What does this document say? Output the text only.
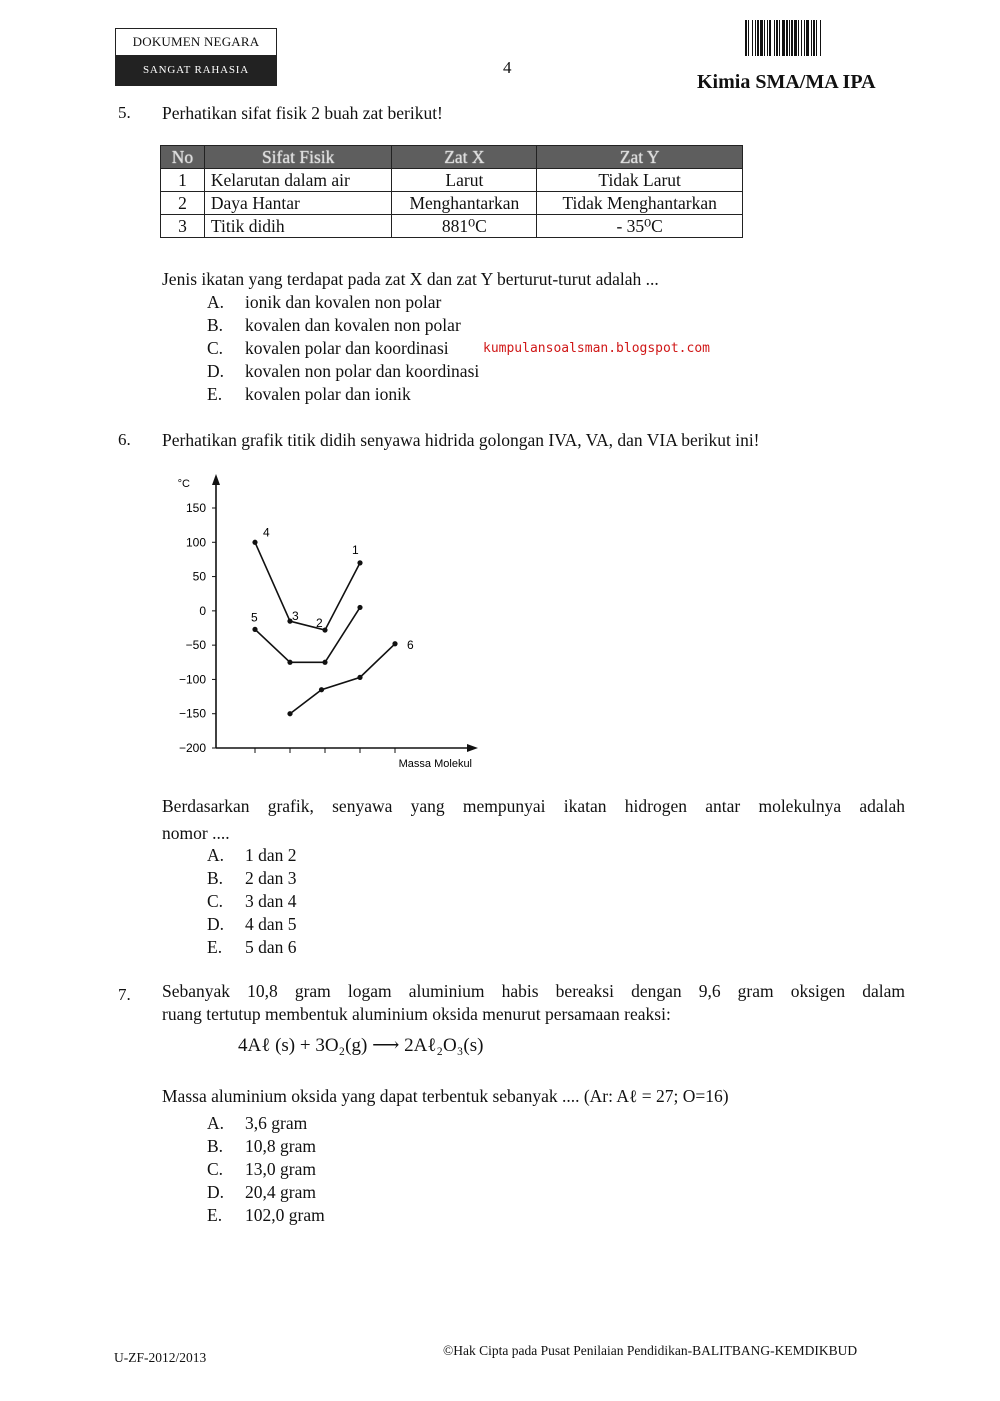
DOKUMEN NEGARA
SANGAT RAHASIA	4
Kimia SMA/MA IPA
5. Perhatikan sifat fisik 2 buah zat berikut!
No	Sifat Fisik	Zat X	Zat Y
1	Kelarutan dalam air	Larut	Tidak Larut
2	Daya Hantar	Menghantarkan	Tidak Menghantarkan
3	Titik didih	881⁰C	- 35⁰C
Jenis ikatan yang terdapat pada zat X dan zat Y berturut-turut adalah ...
A.	ionik dan kovalen non polar
B.	kovalen dan kovalen non polar
C.	kovalen polar dan koordinasi
D.	kovalen non polar dan koordinasi
E.	kovalen polar dan ionik
kumpulansoalsman.blogspot.com
6. Perhatikan grafik titik didih senyawa hidrida golongan IVA, VA, dan VIA berikut ini!
°C
Massa Molekul
150
100
50
0
−50
−100
−150
−200
4
3 2
1
5
6
Berdasarkan grafik, senyawa yang mempunyai ikatan hidrogen antar molekulnya adalah
nomor ....
A.	1 dan 2
B.	2 dan 3
C.	3 dan 4
D.	4 dan 5
E.	5 dan 6
7. Sebanyak 10,8 gram logam aluminium habis bereaksi dengan 9,6 gram oksigen dalam
ruang tertutup membentuk aluminium oksida menurut persamaan reaksi:
4Aℓ (s) + 3O₂(g) ⟶ 2Aℓ₂O₃(s)
Massa aluminium oksida yang dapat terbentuk sebanyak .... (Ar: Aℓ = 27; O=16)
A.	3,6 gram
B.	10,8 gram
C.	13,0 gram
D.	20,4 gram
E.	102,0 gram
U-ZF-2012/2013	©Hak Cipta pada Pusat Penilaian Pendidikan-BALITBANG-KEMDIKBUD
